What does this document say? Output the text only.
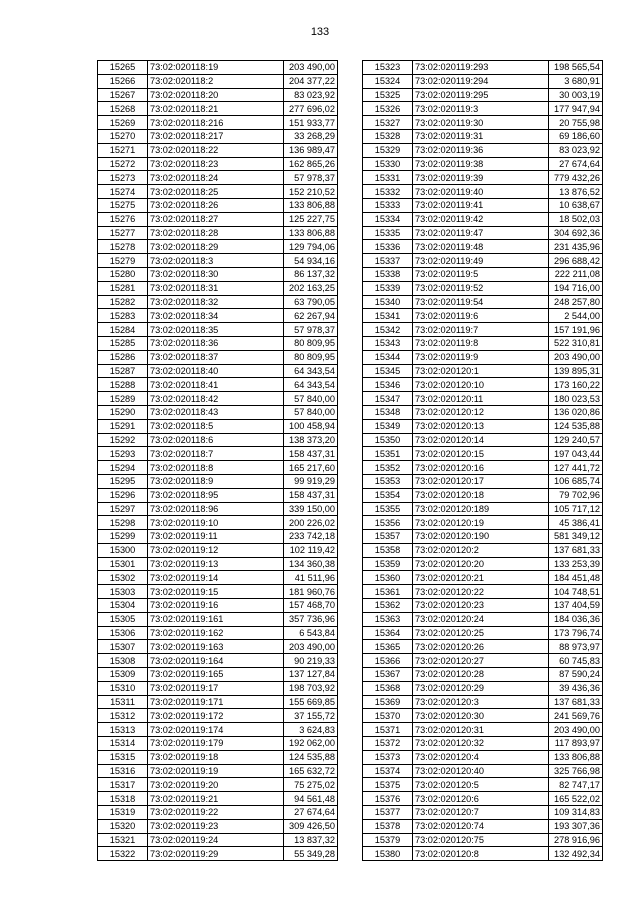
133
15265	73:02:020118:19	203 490,00
15266	73:02:020118:2	204 377,22
15267	73:02:020118:20	83 023,92
15268	73:02:020118:21	277 696,02
15269	73:02:020118:216	151 933,77
15270	73:02:020118:217	33 268,29
15271	73:02:020118:22	136 989,47
15272	73:02:020118:23	162 865,26
15273	73:02:020118:24	57 978,37
15274	73:02:020118:25	152 210,52
15275	73:02:020118:26	133 806,88
15276	73:02:020118:27	125 227,75
15277	73:02:020118:28	133 806,88
15278	73:02:020118:29	129 794,06
15279	73:02:020118:3	54 934,16
15280	73:02:020118:30	86 137,32
15281	73:02:020118:31	202 163,25
15282	73:02:020118:32	63 790,05
15283	73:02:020118:34	62 267,94
15284	73:02:020118:35	57 978,37
15285	73:02:020118:36	80 809,95
15286	73:02:020118:37	80 809,95
15287	73:02:020118:40	64 343,54
15288	73:02:020118:41	64 343,54
15289	73:02:020118:42	57 840,00
15290	73:02:020118:43	57 840,00
15291	73:02:020118:5	100 458,94
15292	73:02:020118:6	138 373,20
15293	73:02:020118:7	158 437,31
15294	73:02:020118:8	165 217,60
15295	73:02:020118:9	99 919,29
15296	73:02:020118:95	158 437,31
15297	73:02:020118:96	339 150,00
15298	73:02:020119:10	200 226,02
15299	73:02:020119:11	233 742,18
15300	73:02:020119:12	102 119,42
15301	73:02:020119:13	134 360,38
15302	73:02:020119:14	41 511,96
15303	73:02:020119:15	181 960,76
15304	73:02:020119:16	157 468,70
15305	73:02:020119:161	357 736,96
15306	73:02:020119:162	6 543,84
15307	73:02:020119:163	203 490,00
15308	73:02:020119:164	90 219,33
15309	73:02:020119:165	137 127,84
15310	73:02:020119:17	198 703,92
15311	73:02:020119:171	155 669,85
15312	73:02:020119:172	37 155,72
15313	73:02:020119:174	3 624,83
15314	73:02:020119:179	192 062,00
15315	73:02:020119:18	124 535,88
15316	73:02:020119:19	165 632,72
15317	73:02:020119:20	75 275,02
15318	73:02:020119:21	94 561,48
15319	73:02:020119:22	27 674,64
15320	73:02:020119:23	309 426,50
15321	73:02:020119:24	13 837,32
15322	73:02:020119:29	55 349,28
15323	73:02:020119:293	198 565,54
15324	73:02:020119:294	3 680,91
15325	73:02:020119:295	30 003,19
15326	73:02:020119:3	177 947,94
15327	73:02:020119:30	20 755,98
15328	73:02:020119:31	69 186,60
15329	73:02:020119:36	83 023,92
15330	73:02:020119:38	27 674,64
15331	73:02:020119:39	779 432,26
15332	73:02:020119:40	13 876,52
15333	73:02:020119:41	10 638,67
15334	73:02:020119:42	18 502,03
15335	73:02:020119:47	304 692,36
15336	73:02:020119:48	231 435,96
15337	73:02:020119:49	296 688,42
15338	73:02:020119:5	222 211,08
15339	73:02:020119:52	194 716,00
15340	73:02:020119:54	248 257,80
15341	73:02:020119:6	2 544,00
15342	73:02:020119:7	157 191,96
15343	73:02:020119:8	522 310,81
15344	73:02:020119:9	203 490,00
15345	73:02:020120:1	139 895,31
15346	73:02:020120:10	173 160,22
15347	73:02:020120:11	180 023,53
15348	73:02:020120:12	136 020,86
15349	73:02:020120:13	124 535,88
15350	73:02:020120:14	129 240,57
15351	73:02:020120:15	197 043,44
15352	73:02:020120:16	127 441,72
15353	73:02:020120:17	106 685,74
15354	73:02:020120:18	79 702,96
15355	73:02:020120:189	105 717,12
15356	73:02:020120:19	45 386,41
15357	73:02:020120:190	581 349,12
15358	73:02:020120:2	137 681,33
15359	73:02:020120:20	133 253,39
15360	73:02:020120:21	184 451,48
15361	73:02:020120:22	104 748,51
15362	73:02:020120:23	137 404,59
15363	73:02:020120:24	184 036,36
15364	73:02:020120:25	173 796,74
15365	73:02:020120:26	88 973,97
15366	73:02:020120:27	60 745,83
15367	73:02:020120:28	87 590,24
15368	73:02:020120:29	39 436,36
15369	73:02:020120:3	137 681,33
15370	73:02:020120:30	241 569,76
15371	73:02:020120:31	203 490,00
15372	73:02:020120:32	117 893,97
15373	73:02:020120:4	133 806,88
15374	73:02:020120:40	325 766,98
15375	73:02:020120:5	82 747,17
15376	73:02:020120:6	165 522,02
15377	73:02:020120:7	109 314,83
15378	73:02:020120:74	193 307,36
15379	73:02:020120:75	278 916,96
15380	73:02:020120:8	132 492,34
